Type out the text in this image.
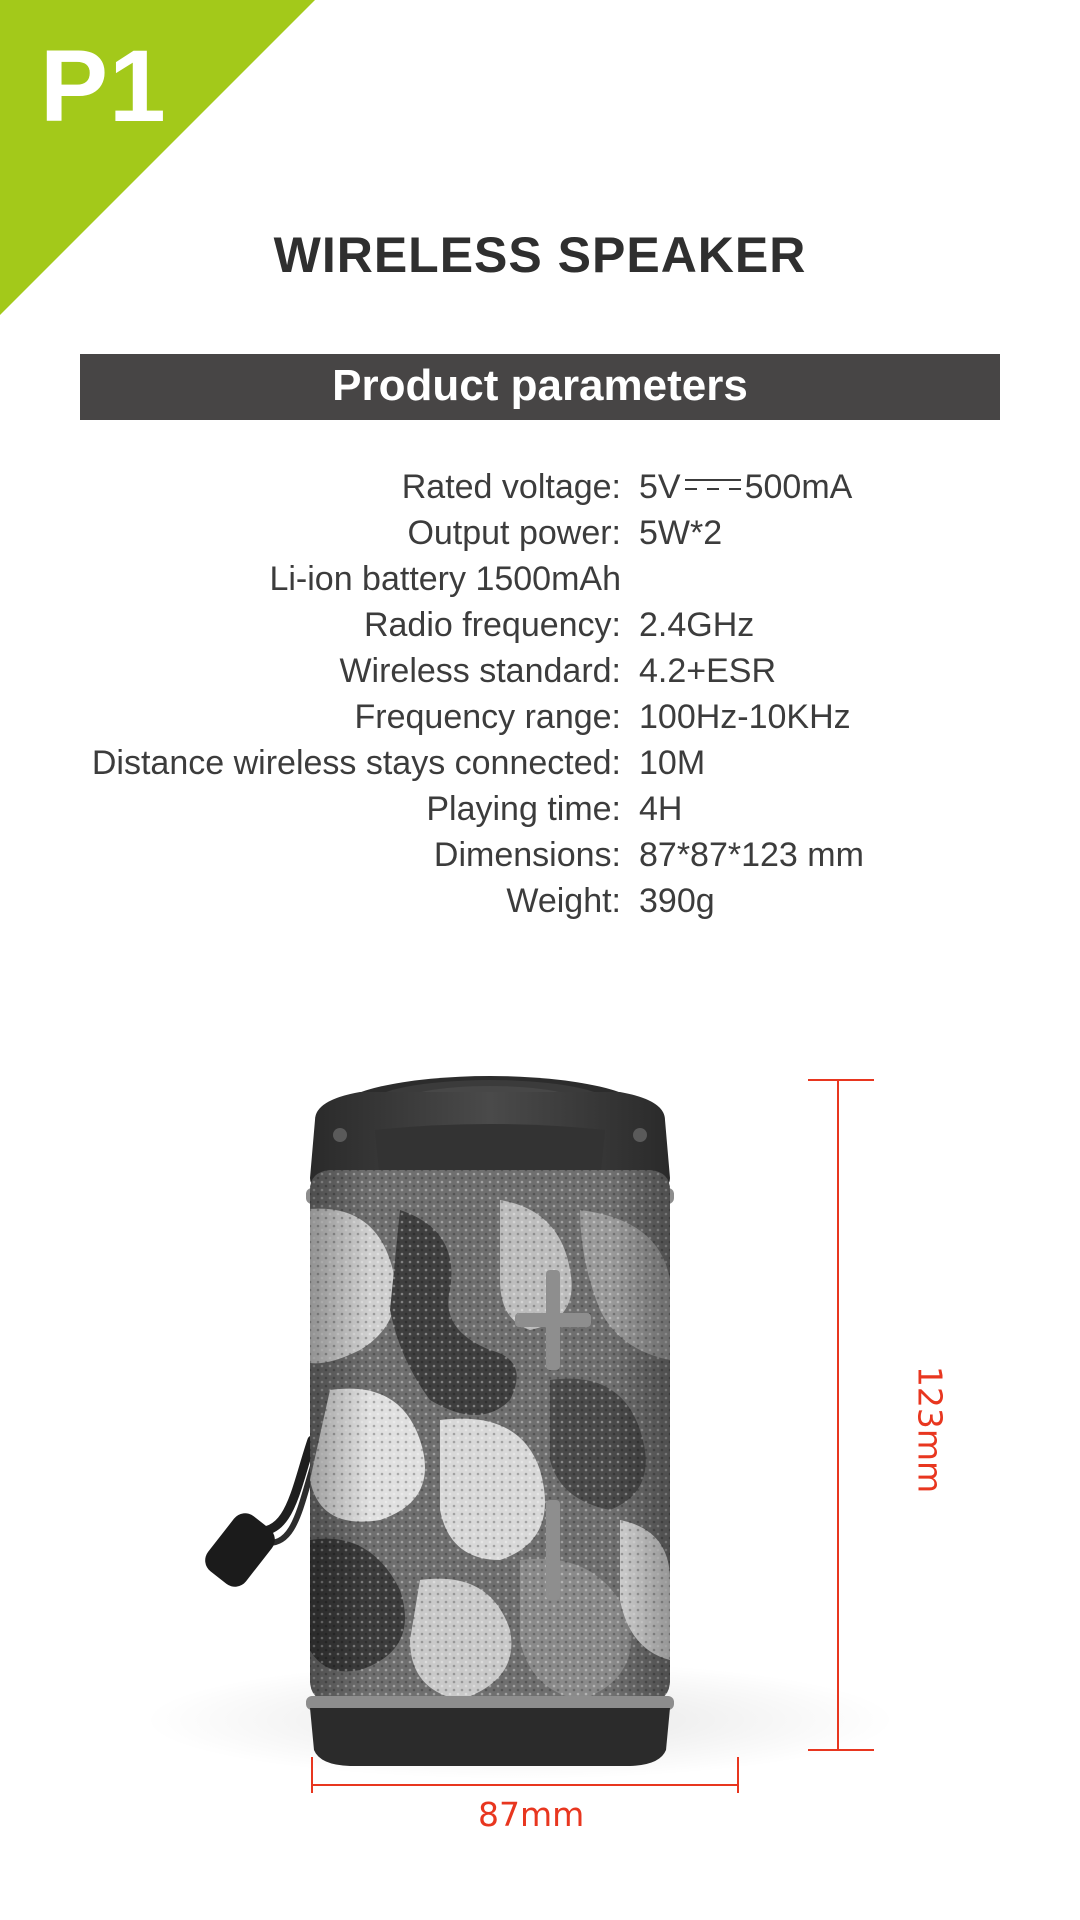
P1
WIRELESS SPEAKER
Product parameters
Rated voltage: 5V 500mA
Output power: 5W*2
Li-ion battery 1500mAh
Radio frequency: 2.4GHz
Wireless standard: 4.2+ESR
Frequency range: 100Hz-10KHz
Distance wireless stays connected: 10M
Playing time: 4H
Dimensions: 87*87*123 mm
Weight: 390g
87mm
123mm
